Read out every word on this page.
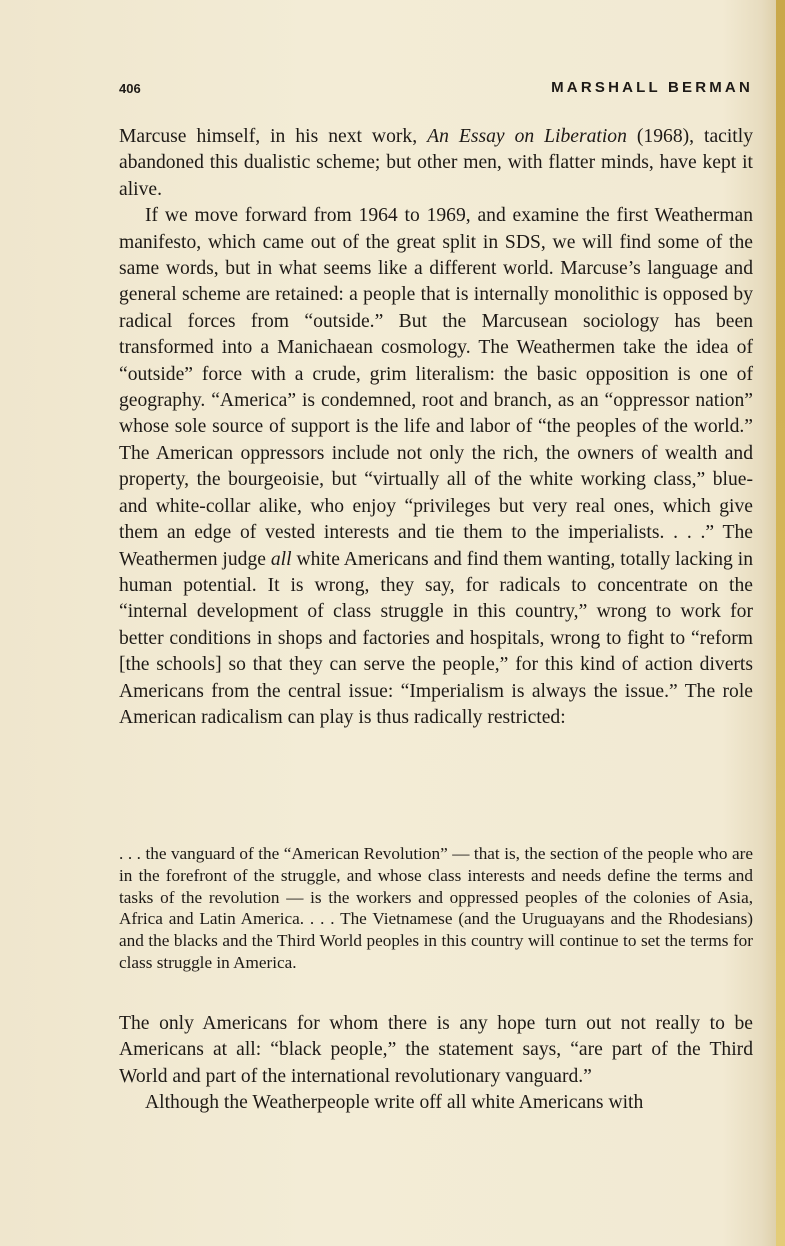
406	MARSHALL BERMAN

Marcuse himself, in his next work, An Essay on Liberation (1968), tacitly abandoned this dualistic scheme; but other men, with flatter minds, have kept it alive.

If we move forward from 1964 to 1969, and examine the first Weatherman manifesto, which came out of the great split in SDS, we will find some of the same words, but in what seems like a different world. Marcuse’s language and general scheme are retained: a people that is internally monolithic is opposed by radical forces from “outside.” But the Marcusean sociology has been transformed into a Manichaean cosmology. The Weathermen take the idea of “outside” force with a crude, grim literalism: the basic opposition is one of geography. “America” is condemned, root and branch, as an “oppressor nation” whose sole source of support is the life and labor of “the peoples of the world.” The American oppressors include not only the rich, the owners of wealth and property, the bourgeoisie, but “virtually all of the white working class,” blue- and white-collar alike, who enjoy “privileges but very real ones, which give them an edge of vested interests and tie them to the imperialists. . . .” The Weathermen judge all white Americans and find them wanting, totally lacking in human potential. It is wrong, they say, for radicals to concentrate on the “internal development of class struggle in this country,” wrong to work for better conditions in shops and factories and hospitals, wrong to fight to “reform [the schools] so that they can serve the people,” for this kind of action diverts Americans from the central issue: “Imperialism is always the issue.” The role American radicalism can play is thus radically restricted:

. . . the vanguard of the “American Revolution” — that is, the section of the people who are in the forefront of the struggle, and whose class interests and needs define the terms and tasks of the revolution — is the workers and oppressed peoples of the colonies of Asia, Africa and Latin America. . . . The Vietnamese (and the Uruguayans and the Rhodesians) and the blacks and the Third World peoples in this country will continue to set the terms for class struggle in America.

The only Americans for whom there is any hope turn out not really to be Americans at all: “black people,” the statement says, “are part of the Third World and part of the international revolutionary vanguard.”

Although the Weatherpeople write off all white Americans with
